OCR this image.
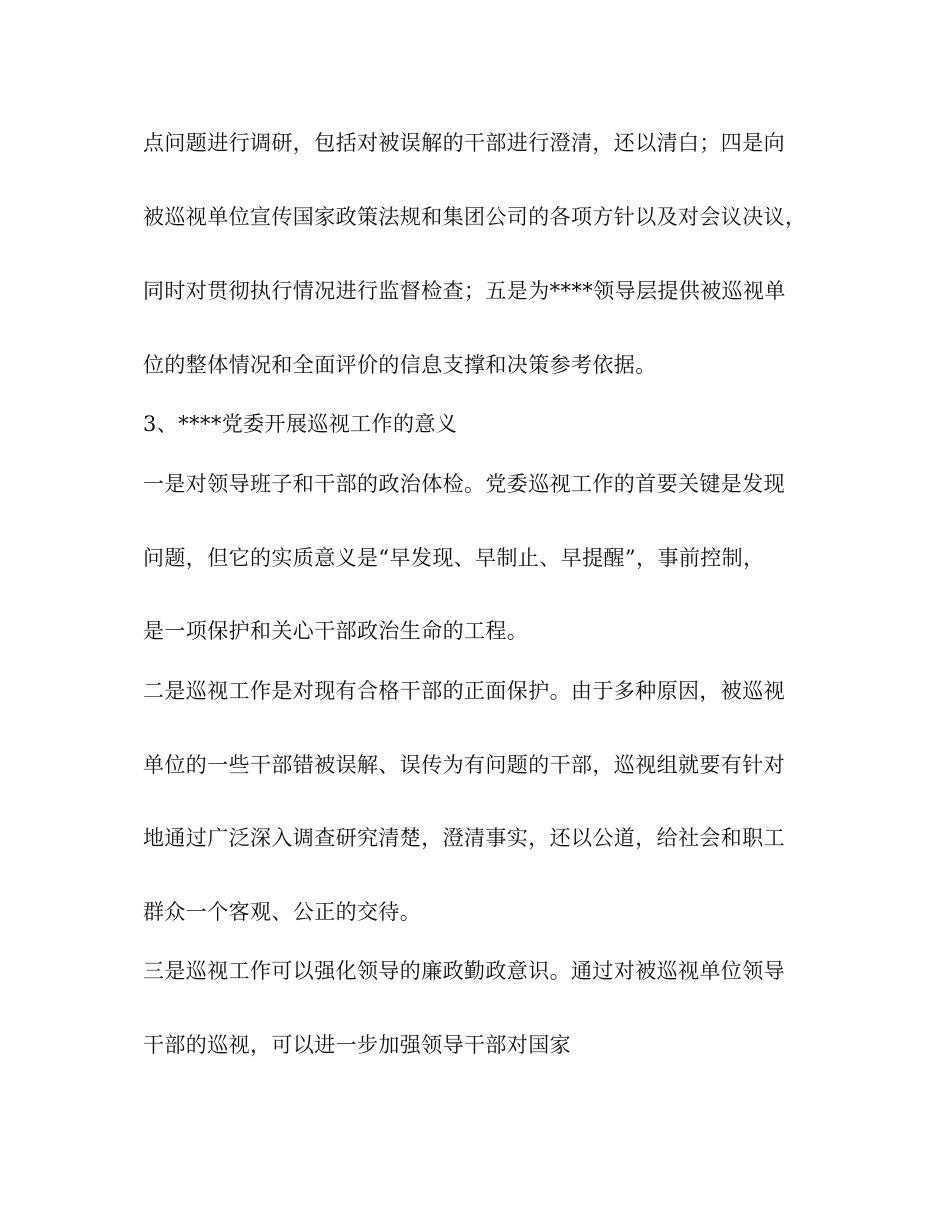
点问题进行调研，包括对被误解的干部进行澄清，还以清白；四是向
被巡视单位宣传国家政策法规和集团公司的各项方针以及对会议决议，
同时对贯彻执行情况进行监督检查；五是为****领导层提供被巡视单
位的整体情况和全面评价的信息支撑和决策参考依据。
3、****党委开展巡视工作的意义
一是对领导班子和干部的政治体检。党委巡视工作的首要关键是发现
问题，但它的实质意义是“早发现、早制止、早提醒”，事前控制，
是一项保护和关心干部政治生命的工程。
二是巡视工作是对现有合格干部的正面保护。由于多种原因，被巡视
单位的一些干部错被误解、误传为有问题的干部，巡视组就要有针对
地通过广泛深入调查研究清楚，澄清事实，还以公道，给社会和职工
群众一个客观、公正的交待。
三是巡视工作可以强化领导的廉政勤政意识。通过对被巡视单位领导
干部的巡视，可以进一步加强领导干部对国家
